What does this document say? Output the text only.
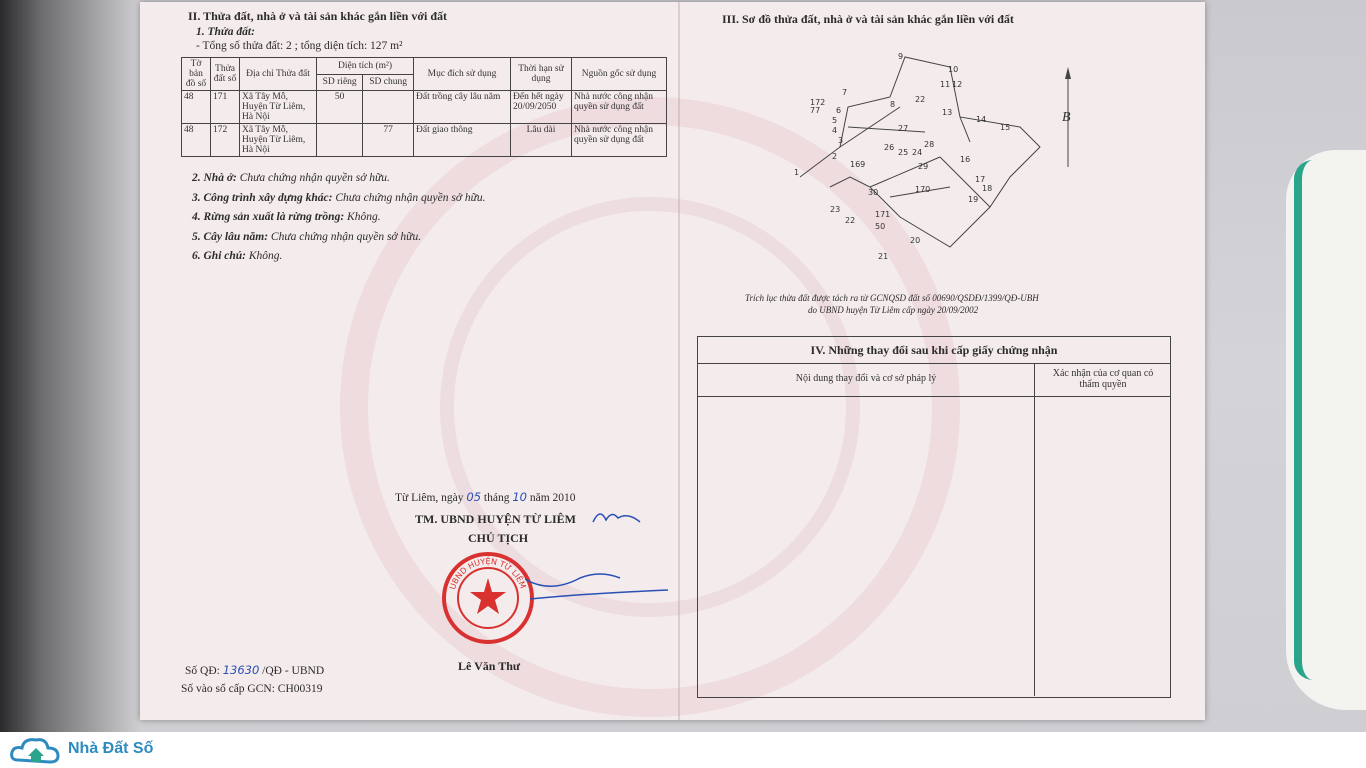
II. Thửa đất, nhà ở và tài sản khác gắn liền với đất
1. Thửa đất:
- Tổng số thửa đất: 2 ; tổng diện tích: 127 m²
Tờ bản đồ số	Thửa đất số	Địa chỉ Thửa đất	Diện tích (m²)		Mục đích sử dụng	Thời hạn sử dụng	Nguồn gốc sử dụng
			SD riêng	SD chung			
48	171	Xã Tây Mỗ, Huyện Từ Liêm, Hà Nội	50		Đất trồng cây lâu năm	Đến hết ngày 20/09/2050	Nhà nước công nhận quyền sử dụng đất
48	172	Xã Tây Mỗ, Huyện Từ Liêm, Hà Nội		77	Đất giao thông	Lâu dài	Nhà nước công nhận quyền sử dụng đất
2. Nhà ở: Chưa chứng nhận quyền sở hữu.
3. Công trình xây dựng khác: Chưa chứng nhận quyền sở hữu.
4. Rừng sản xuất là rừng trồng: Không.
5. Cây lâu năm: Chưa chứng nhận quyền sở hữu.
6. Ghi chú: Không.
Từ Liêm, ngày 05 tháng 10 năm 2010
TM. UBND HUYỆN TỪ LIÊM
CHỦ TỊCH
UBND HUYỆN TỪ LIÊM
Lê Văn Thư
Số QĐ: 13630 /QĐ - UBND
Số vào sổ cấp GCN: CH00319
III. Sơ đồ thửa đất, nhà ở và tài sản khác gắn liền với đất
169
22
170
171
50
172
77
1
2
3
4
5
6
7
8
9
10
11 12
13
14
15
16
17
18
19
20
21
22
23
24
25
26
27
28
29
30
B
Trích lục thửa đất được tách ra từ GCNQSD đất số 00690/QSDĐ/1399/QĐ-UBH
do UBND huyện Từ Liêm cấp ngày 20/09/2002
IV. Những thay đổi sau khi cấp giấy chứng nhận
Nội dung thay đổi và cơ sở pháp lý	Xác nhận của cơ quan có thẩm quyền
Nhà Đất Số
